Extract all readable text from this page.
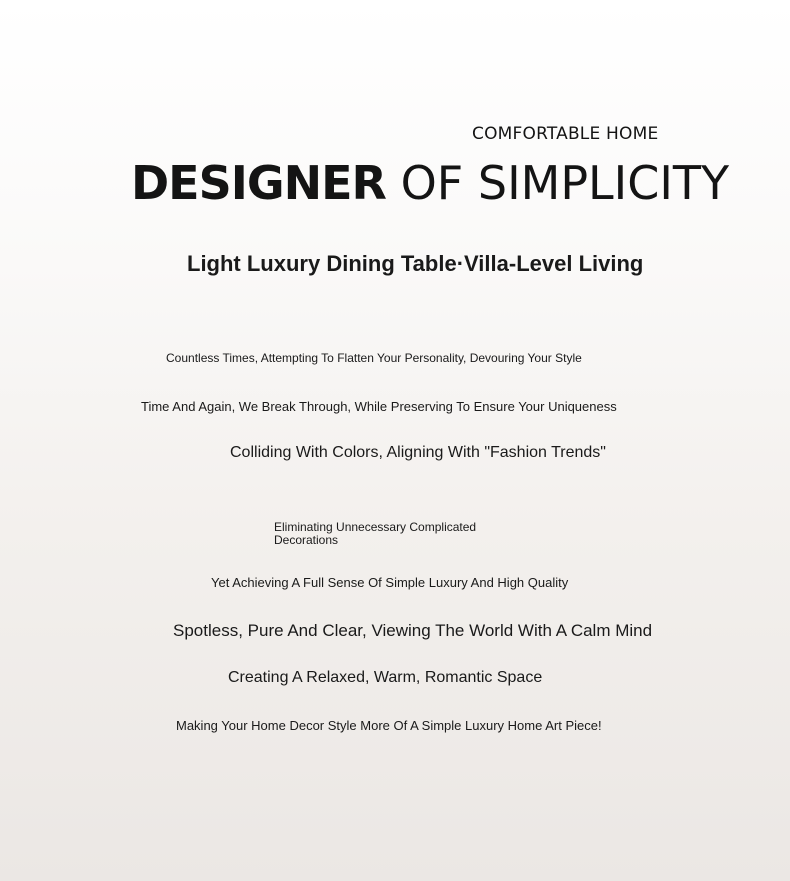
COMFORTABLE HOME
DESIGNER OF SIMPLICITY
Light Luxury Dining Table·Villa-Level Living
Countless Times, Attempting To Flatten Your Personality, Devouring Your Style
Time And Again, We Break Through, While Preserving To Ensure Your Uniqueness
Colliding With Colors, Aligning With "Fashion Trends"
Eliminating Unnecessary Complicated Decorations
Yet Achieving A Full Sense Of Simple Luxury And High Quality
Spotless, Pure And Clear, Viewing The World With A Calm Mind
Creating A Relaxed, Warm, Romantic Space
Making Your Home Decor Style More Of A Simple Luxury Home Art Piece!
